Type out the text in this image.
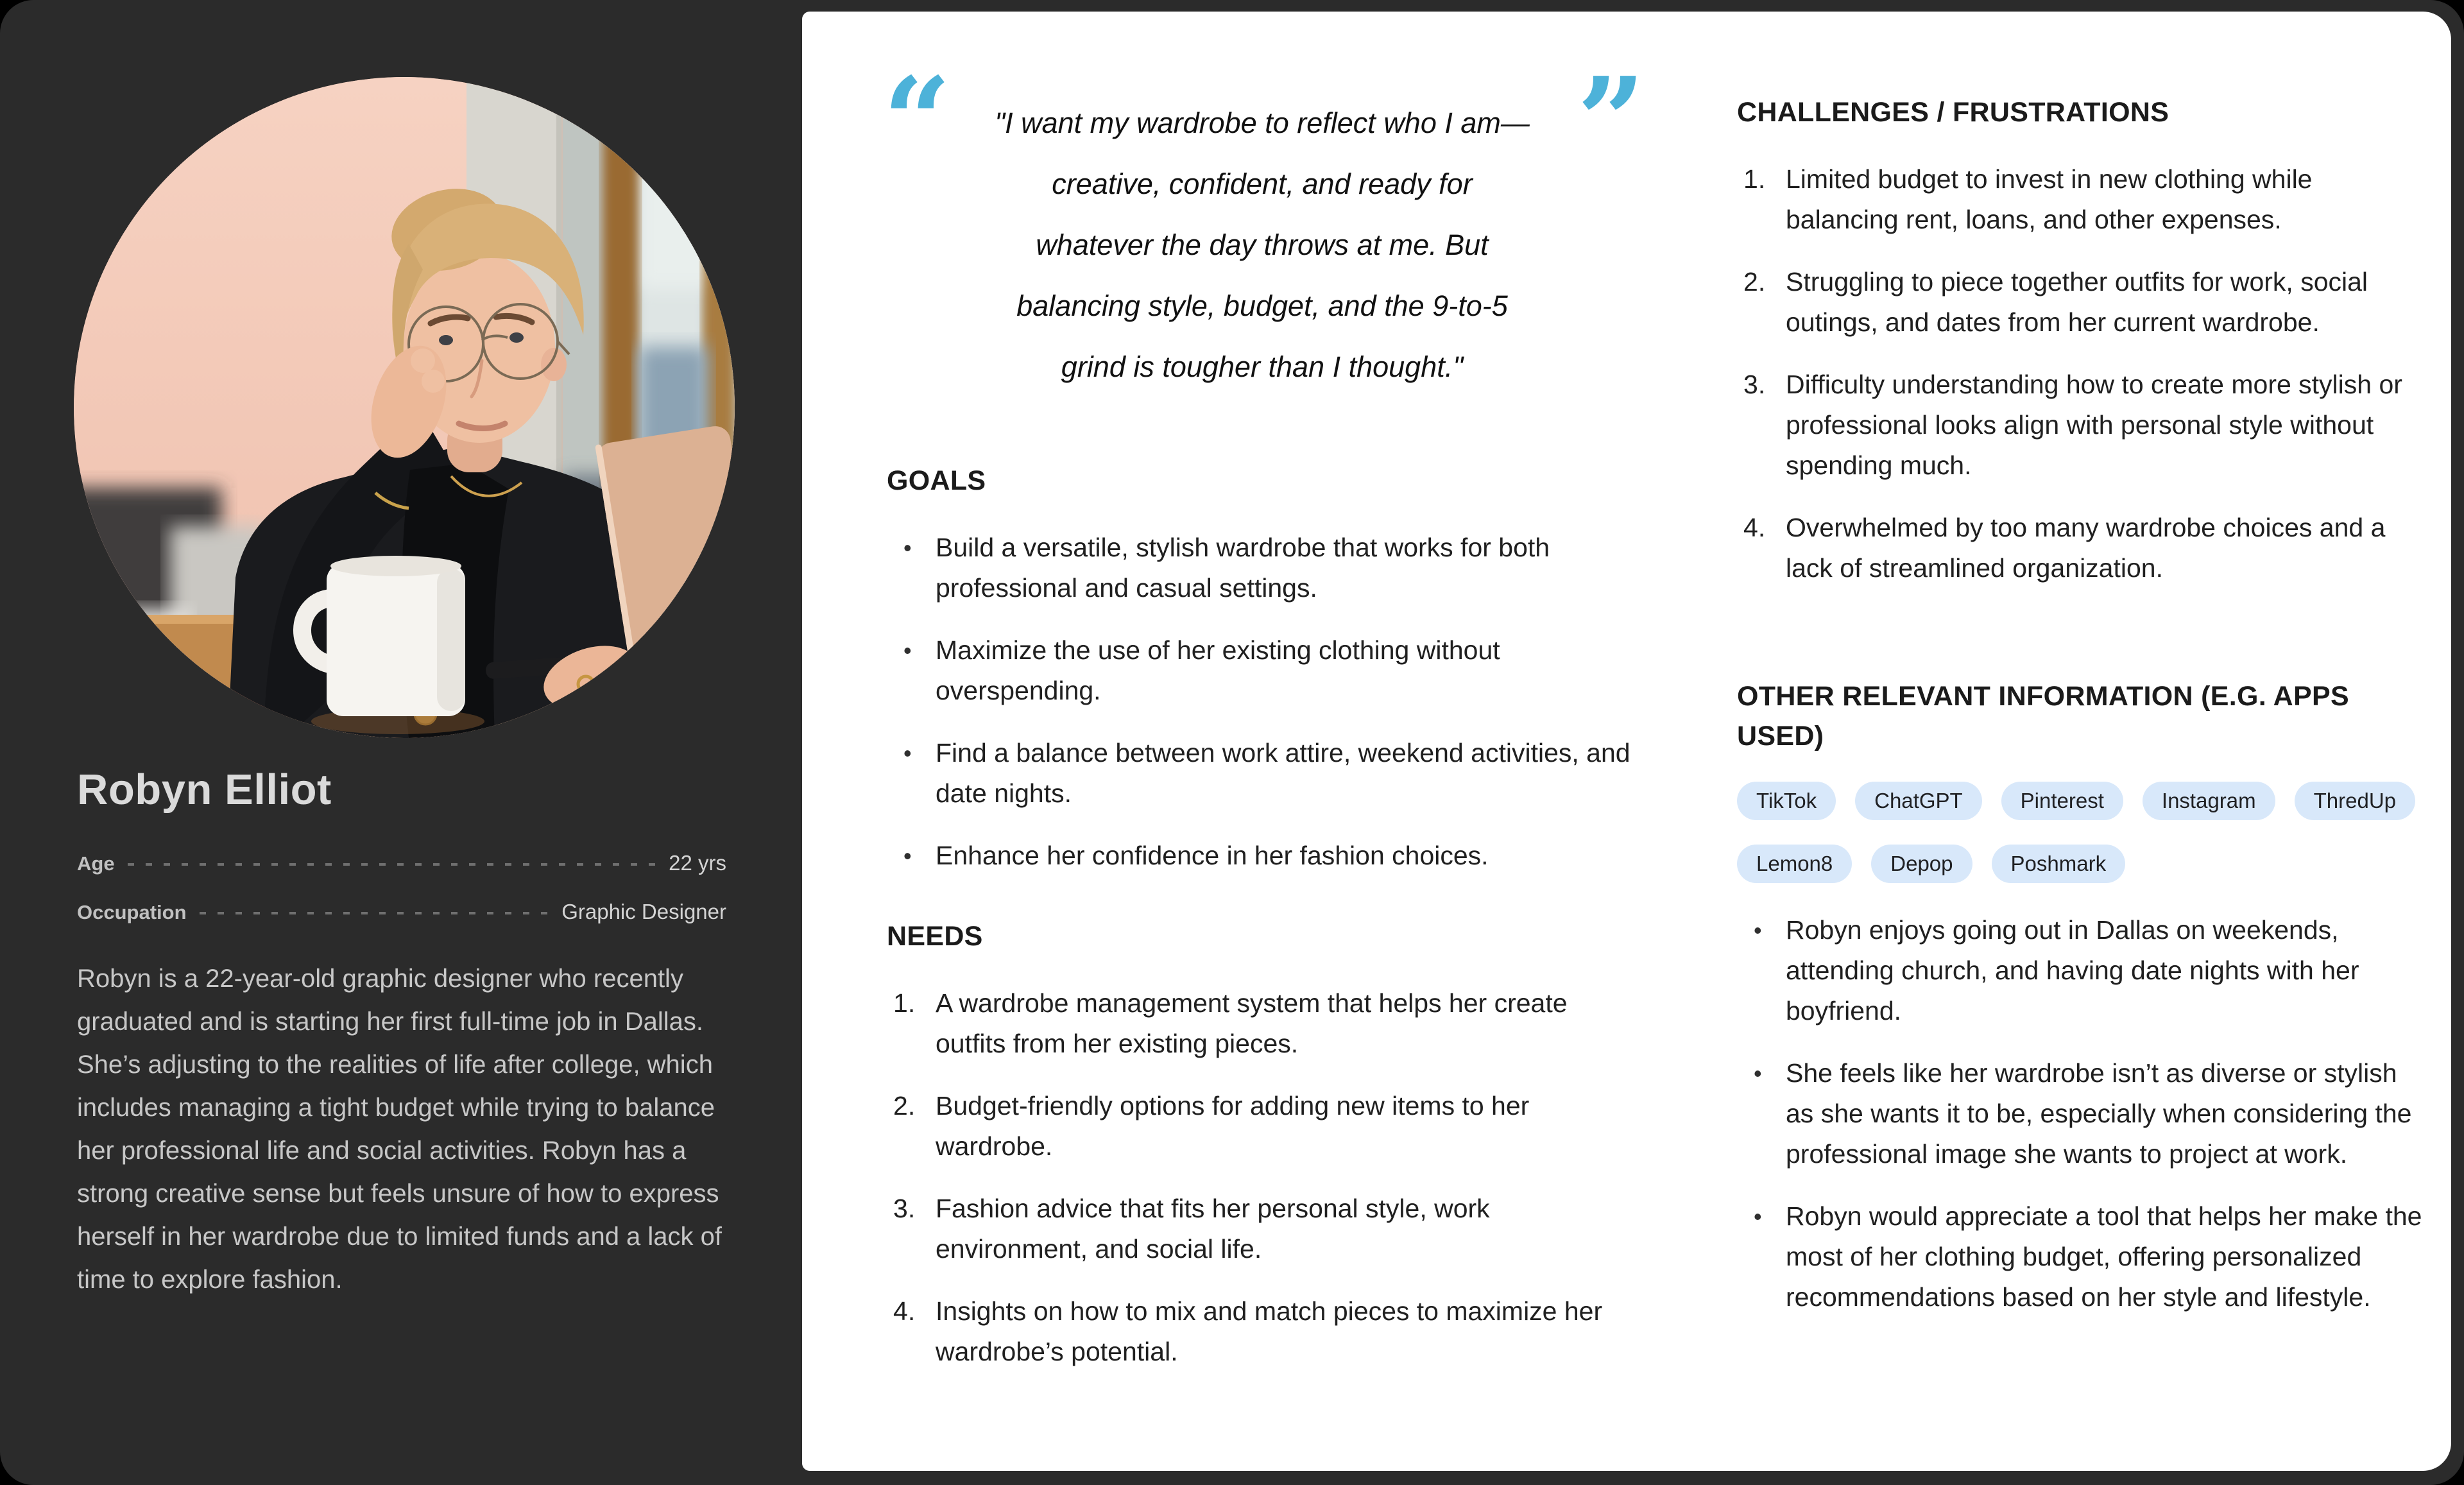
Robyn Elliot
Age	22 yrs
Occupation	Graphic Designer

Robyn is a 22-year-old graphic designer who recently graduated and is starting her first full-time job in Dallas. She’s adjusting to the realities of life after college, which includes managing a tight budget while trying to balance her professional life and social activities. Robyn has a strong creative sense but feels unsure of how to express herself in her wardrobe due to limited funds and a lack of time to explore fashion.

“	”
"I want my wardrobe to reflect who I am—
creative, confident, and ready for
whatever the day throws at me. But
balancing style, budget, and the 9-to-5
grind is tougher than I thought."
GOALS
• Build a versatile, stylish wardrobe that works for both professional and casual settings.
• Maximize the use of her existing clothing without overspending.
• Find a balance between work attire, weekend activities, and date nights.
• Enhance her confidence in her fashion choices.
NEEDS
A wardrobe management system that helps her create outfits from her existing pieces.
Budget-friendly options for adding new items to her wardrobe.
Fashion advice that fits her personal style, work environment, and social life.
Insights on how to mix and match pieces to maximize her wardrobe’s potential.
CHALLENGES / FRUSTRATIONS
Limited budget to invest in new clothing while balancing rent, loans, and other expenses.
Struggling to piece together outfits for work, social outings, and dates from her current wardrobe.
Difficulty understanding how to create more stylish or professional looks align with personal style without spending much.
Overwhelmed by too many wardrobe choices and a lack of streamlined organization.
OTHER RELEVANT INFORMATION (E.G. APPS USED)
TikTok	ChatGPT	Pinterest	Instagram	ThredUp
Lemon8	Depop	Poshmark
• Robyn enjoys going out in Dallas on weekends, attending church, and having date nights with her boyfriend.
• She feels like her wardrobe isn’t as diverse or stylish as she wants it to be, especially when considering the professional image she wants to project at work.
• Robyn would appreciate a tool that helps her make the most of her clothing budget, offering personalized recommendations based on her style and lifestyle.
